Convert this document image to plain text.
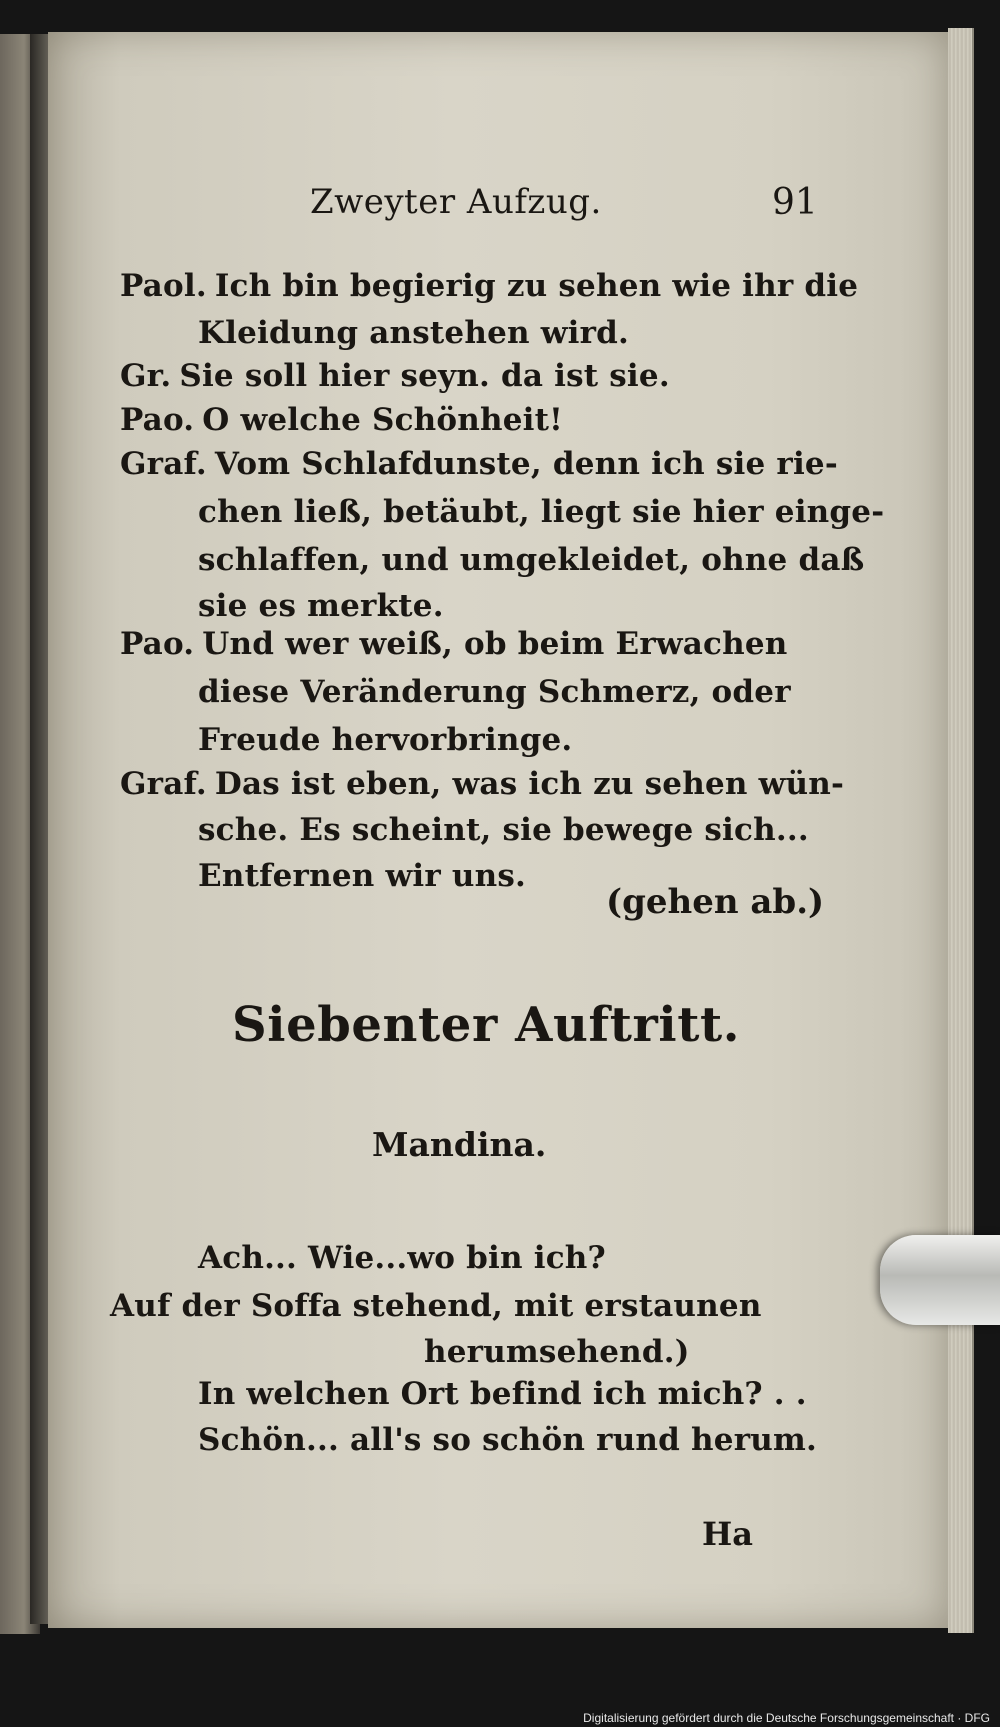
Zweyter Aufzug.	91
Paol. Ich bin begierig zu sehen wie ihr die
Kleidung anstehen wird.
Gr. Sie soll hier seyn. da ist sie.
Pao. O welche Schönheit!
Graf. Vom Schlafdunste, denn ich sie rie-
chen ließ, betäubt, liegt sie hier einge-
schlaffen, und umgekleidet, ohne daß
sie es merkte.
Pao. Und wer weiß, ob beim Erwachen
diese Veränderung Schmerz, oder
Freude hervorbringe.
Graf. Das ist eben, was ich zu sehen wün-
sche. Es scheint, sie bewege sich...
Entfernen wir uns.
(gehen ab.)
Siebenter Auftritt.
Mandina.
Ach... Wie...wo bin ich?
Auf der Soffa stehend, mit erstaunen
herumsehend.)
In welchen Ort befind ich mich? . .
Schön... all's so schön rund herum.
Ha
Digitalisierung gefördert durch die Deutsche Forschungsgemeinschaft · DFG
